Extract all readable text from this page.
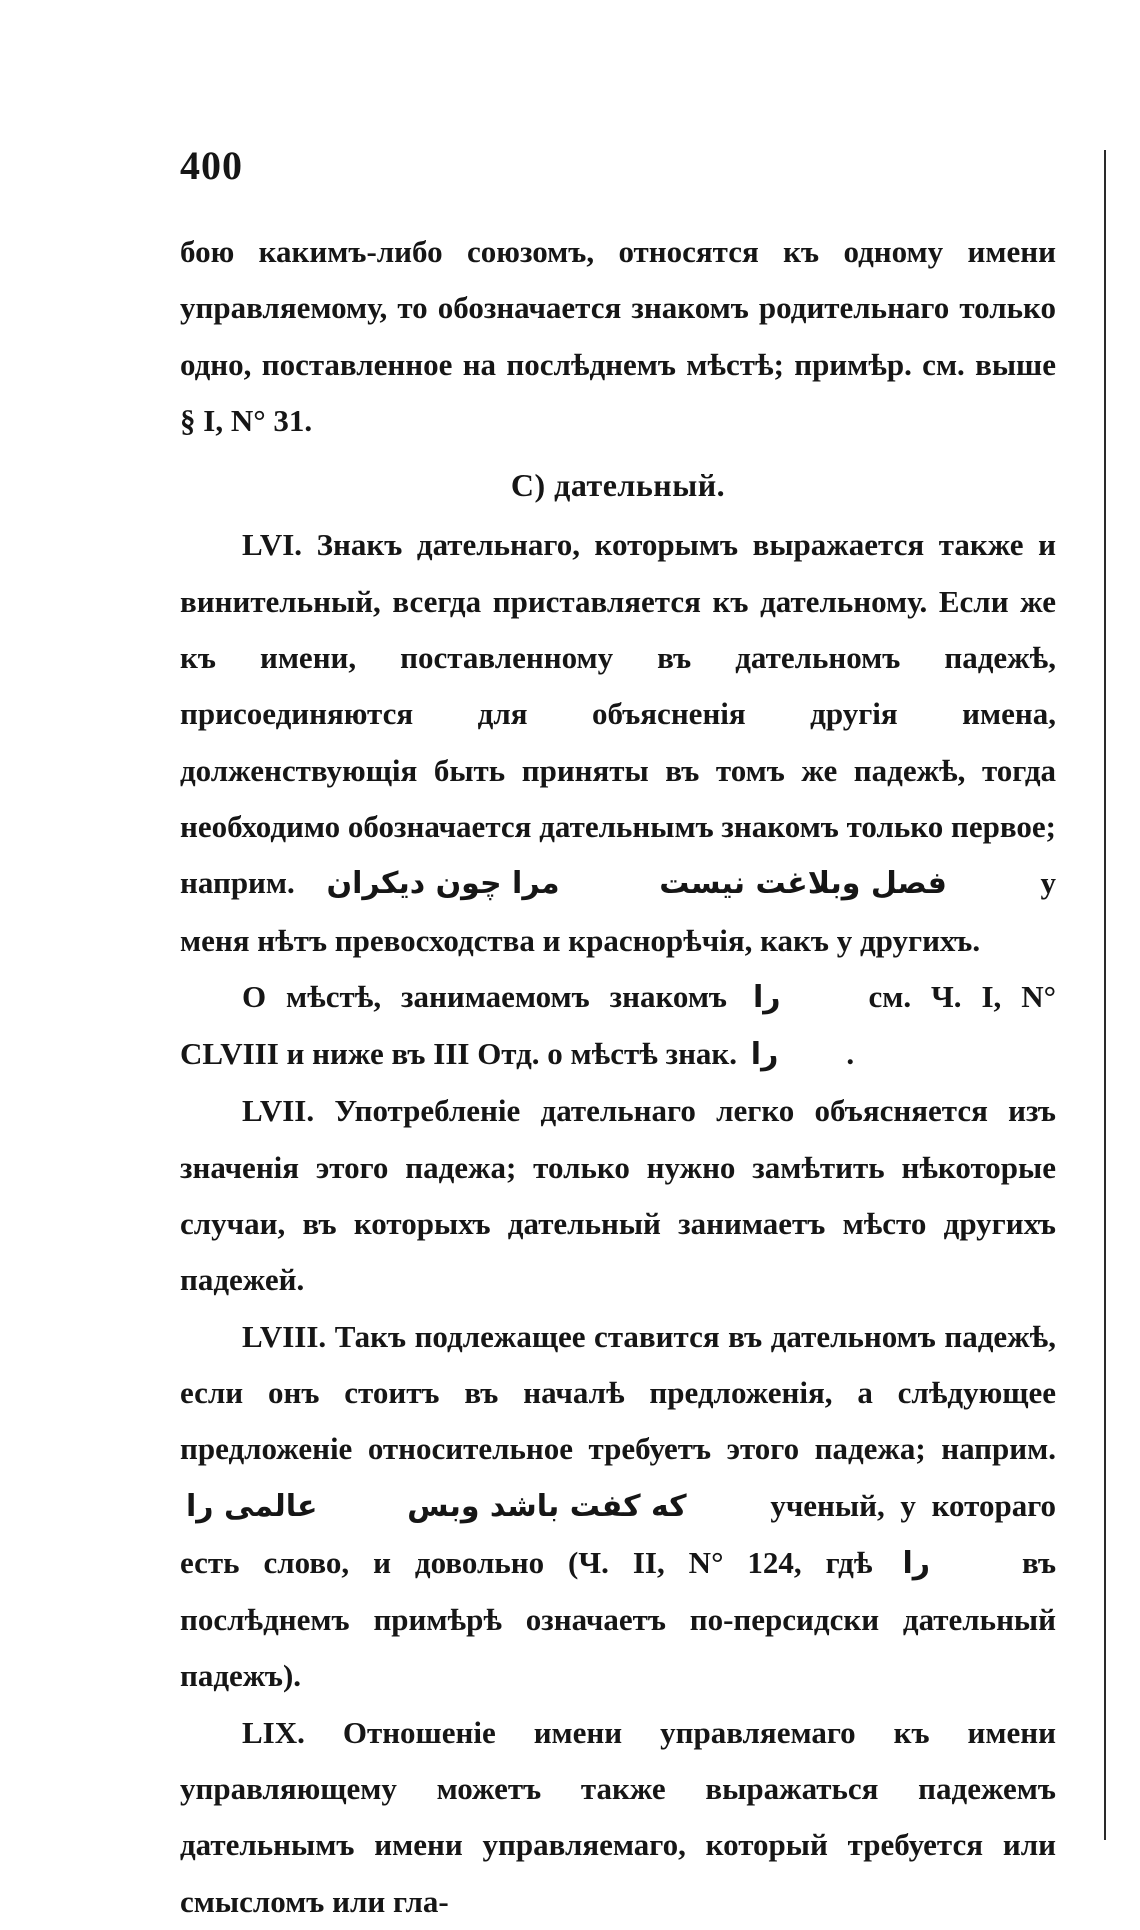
400

бою какимъ-либо союзомъ, относятся къ одному имени управляемому, то обозначается знакомъ родительнаго только одно, поставленное на послѣднемъ мѣстѣ; примѣр. см. выше § I, N° 31.

С) дательный.

LVI. Знакъ дательнаго, которымъ выражается также и винительный, всегда приставляется къ дательному. Если же къ имени, поставленному въ дательномъ падежѣ, присоединяются для объясненія другія имена, долженствующія быть приняты въ томъ же падежѣ, тогда необходимо обозначается дательнымъ знакомъ только первое; наприм. مرا چون دیکران	فصل وبلاغت نیست	у меня нѣтъ превосходства и краснорѣчія, какъ у другихъ.

О мѣстѣ, занимаемомъ знакомъ را	см. Ч. I, N° CLVIII и ниже въ III Отд. о мѣстѣ знак. را .

LVII. Употребленіе дательнаго легко объясняется изъ значенія этого падежа; только нужно замѣтить нѣкоторые случаи, въ которыхъ дательный занимаетъ мѣсто другихъ падежей.

LVIII. Такъ подлежащее ставится въ дательномъ падежѣ, если онъ стоитъ въ началѣ предложенія, а слѣдующее предложеніе относительное требуетъ этого падежа; наприм. عالمی را	که کفت باشد وبس	ученый, у котораго есть слово, и довольно (Ч. II, N° 124, гдѣ را	въ послѣднемъ примѣрѣ означаетъ по-персидски дательный падежъ).

LIX. Отношеніе имени управляемаго къ имени управляющему можетъ также выражаться падежемъ дательнымъ имени управляемаго, который требуется или смысломъ или гла-
